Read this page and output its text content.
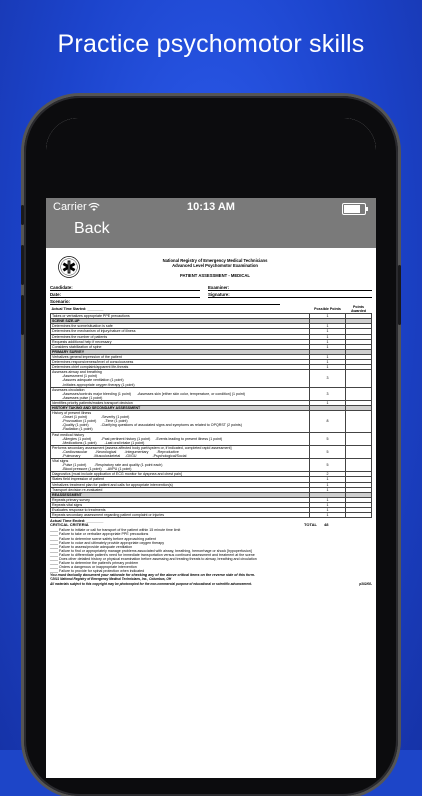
Practice psychomotor skills
Carrier	10:13 AM
Back
National Registry of Emergency Medical Technicians
Advanced Level Psychomotor Examination
PATIENT ASSESSMENT - MEDICAL
Candidate:	Examiner:
Date:	Signature:
Scenario:
Actual Time Started: ________	Possible Points	Points Awarded

Takes or verbalizes appropriate PPE precautions	1	

SCENE SIZE-UP		

Determines the scene/situation is safe	1	

Determines the mechanism of injury/nature of illness	1	

Determines the number of patients	1	

Requests additional help if necessary	1	

Considers stabilization of spine	1	

PRIMARY SURVEY		

Verbalizes general impression of the patient	1	

Determines responsiveness/level of consciousness	1	

Determines chief complaint/apparent life-threats	1	

Assesses airway and breathing
-Assessment (1 point)
-Assures adequate ventilation (1 point)
-Initiates appropriate oxygen therapy (1 point)	3	

Assesses circulation
-Assesses/controls major bleeding (1 point)      -Assesses skin [either skin color, temperature, or condition] (1 point)
-Assesses pulse (1 point)	3	

Identifies priority patients/makes transport decision	1	

HISTORY TAKING AND SECONDARY ASSESSMENT		

History of present illness
-Onset (1 point)              -Severity (1 point)
-Provocation (1 point)        -Time (1 point)
-Quality (1 point)            -Clarifying questions of associated signs and symptoms as related to OPQRST (2 points)
-Radiation (1 point)	8	

Past medical history
-Allergies (1 point)          -Past pertinent history (1 point)     -Events leading to present illness (1 point)
-Medications (1 point)        -Last oral intake (1 point)	5	

Performs secondary assessment [assess affected body part/system or, if indicated, completed rapid assessment]
-Cardiovascular        -Neurological        -Integumentary        -Reproductive
-Pulmonary             -Musculoskeletal     -GI/GU                -Psychological/Social	5	

Vital signs
-Pulse (1 point)        -Respiratory rate and quality (1 point each)
-Blood pressure (1 point)     -AVPU (1 point)	5	

Diagnostics [must include application of ECG monitor for dyspnea and chest pain]	2	

States field impression of patient	1	

Verbalizes treatment plan for patient and calls for appropriate intervention(s)	1	

Transport decision re-evaluated	1	

REASSESSMENT		

Repeats primary survey	1	

Repeats vital signs	1	

Evaluates response to treatments	1	

Repeats secondary assessment regarding patient complaint or injuries	1	
Actual Time Ended: ________
CRITICAL CRITERIA	TOTAL	48
____ Failure to initiate or call for transport of the patient within 15 minute time limit
____ Failure to take or verbalize appropriate PPE precautions
____ Failure to determine scene safety before approaching patient
____ Failure to voice and ultimately provide appropriate oxygen therapy
____ Failure to assess/provide adequate ventilation
____ Failure to find or appropriately manage problems associated with airway, breathing, hemorrhage or shock [hypoperfusion]
____ Failure to differentiate patient's need for immediate transportation versus continued assessment and treatment at the scene
____ Does other detailed history or physical examination before assessing and treating threats to airway, breathing and circulation
____ Failure to determine the patient's primary problem
____ Orders a dangerous or inappropriate intervention
____ Failure to provide for spinal protection when indicated
You must factually document your rationale for checking any of the above critical items on the reverse side of this form.
©2011 National Registry of Emergency Medical Technicians, Inc., Columbus, OH
All materials subject to this copyright may be photocopied for the non-commercial purpose of educational or scientific advancement.	p302/08-
